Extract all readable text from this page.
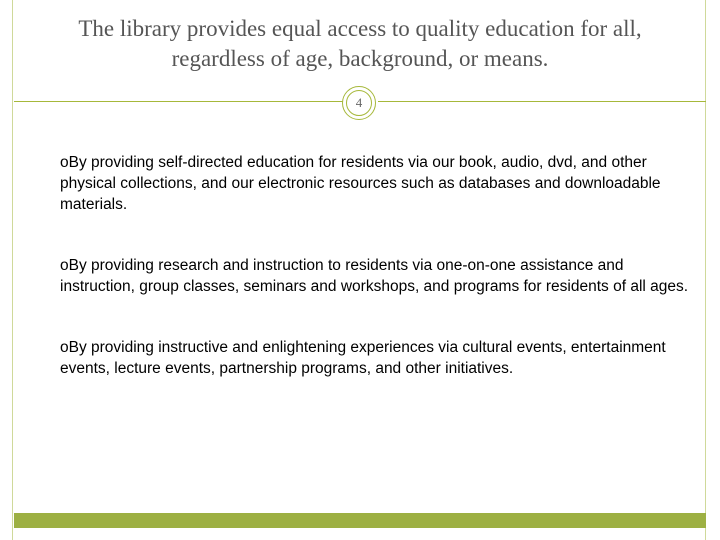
The library provides equal access to quality education for all,
regardless of age, background, or means.
4
oBy providing self-directed education for residents via our book, audio, dvd, and other physical collections, and our electronic resources such as databases and downloadable materials.
oBy providing research and instruction to residents via one-on-one assistance and instruction, group classes, seminars and workshops, and programs for residents of all ages.
oBy providing instructive and enlightening experiences via cultural events, entertainment events, lecture events, partnership programs, and other initiatives.
